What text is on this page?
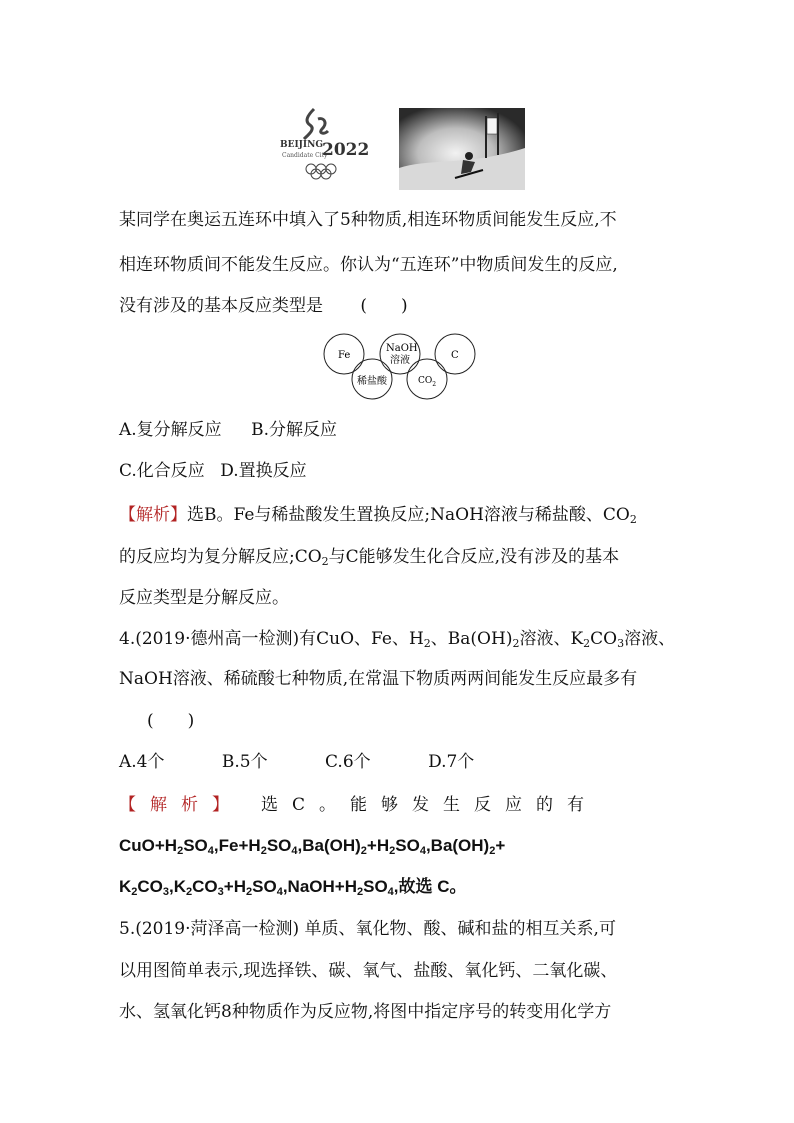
BEIJING
Candidate City
2022
某同学在奥运五连环中填入了5种物质,相连环物质间能发生反应,不
相连环物质间不能发生反应。你认为“五连环”中物质间发生的反应,
没有涉及的基本反应类型是 (　　)
Fe
NaOH
溶液	C
稀盐酸	$CO_2$
A.复分解反应 B.分解反应
C.化合反应 D.置换反应
【解析】选B。Fe与稀盐酸发生置换反应;NaOH溶液与稀盐酸、$CO_2$
的反应均为复分解反应$;CO_2$与C能够发生化合反应,没有涉及的基本
反应类型是分解反应。
4.(2019·德州高一检测)有CuO、Fe、$H_2$、$Ba(OH)_2$溶液、$K_2CO_3$溶液、
NaOH溶液、稀硫酸七种物质,在常温下物质两两间能发生反应最多有
(　　)
A.4个	B.5个	C.6个	D.7个
【解析】 选C。能够发生反应的有
$CuO+H_2SO_4,Fe+H_2SO_4,Ba(OH)_2+H_2SO_4,Ba(OH)_2+$
$K_2CO_3,K_2CO_3+H_2SO_4,NaOH+H_2SO_4$,故选 C。
5.(2019·菏泽高一检测) 单质、氧化物、酸、碱和盐的相互关系,可
以用图简单表示,现选择铁、碳、氧气、盐酸、氧化钙、二氧化碳、
水、氢氧化钙8种物质作为反应物,将图中指定序号的转变用化学方
